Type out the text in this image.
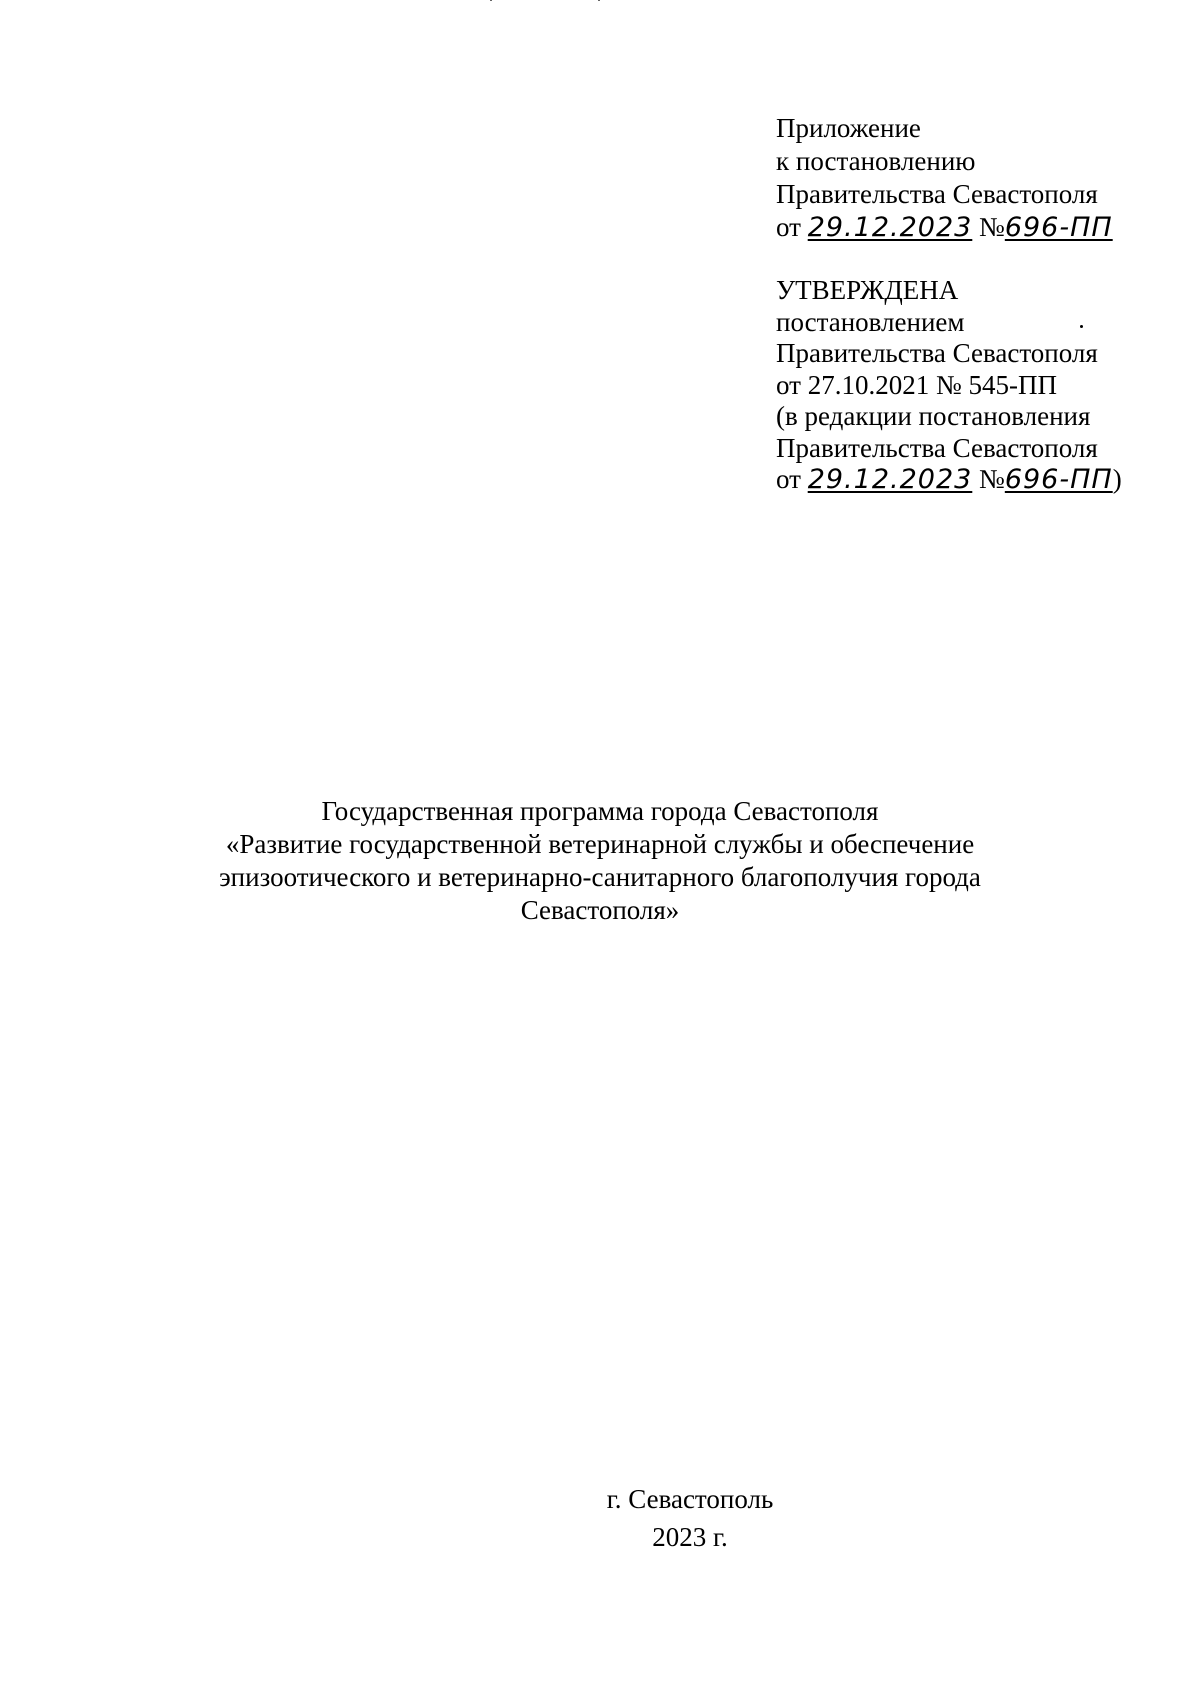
Приложение
к постановлению
Правительства Севастополя
от 29.12.2023 №696-ПП
УТВЕРЖДЕНА
постановлением
Правительства Севастополя
от 27.10.2021 № 545-ПП
(в редакции постановления
Правительства Севастополя
от 29.12.2023 №696-ПП)
Государственная программа города Севастополя
«Развитие государственной ветеринарной службы и обеспечение
эпизоотического и ветеринарно-санитарного благополучия города
Севастополя»
г. Севастополь
2023 г.
